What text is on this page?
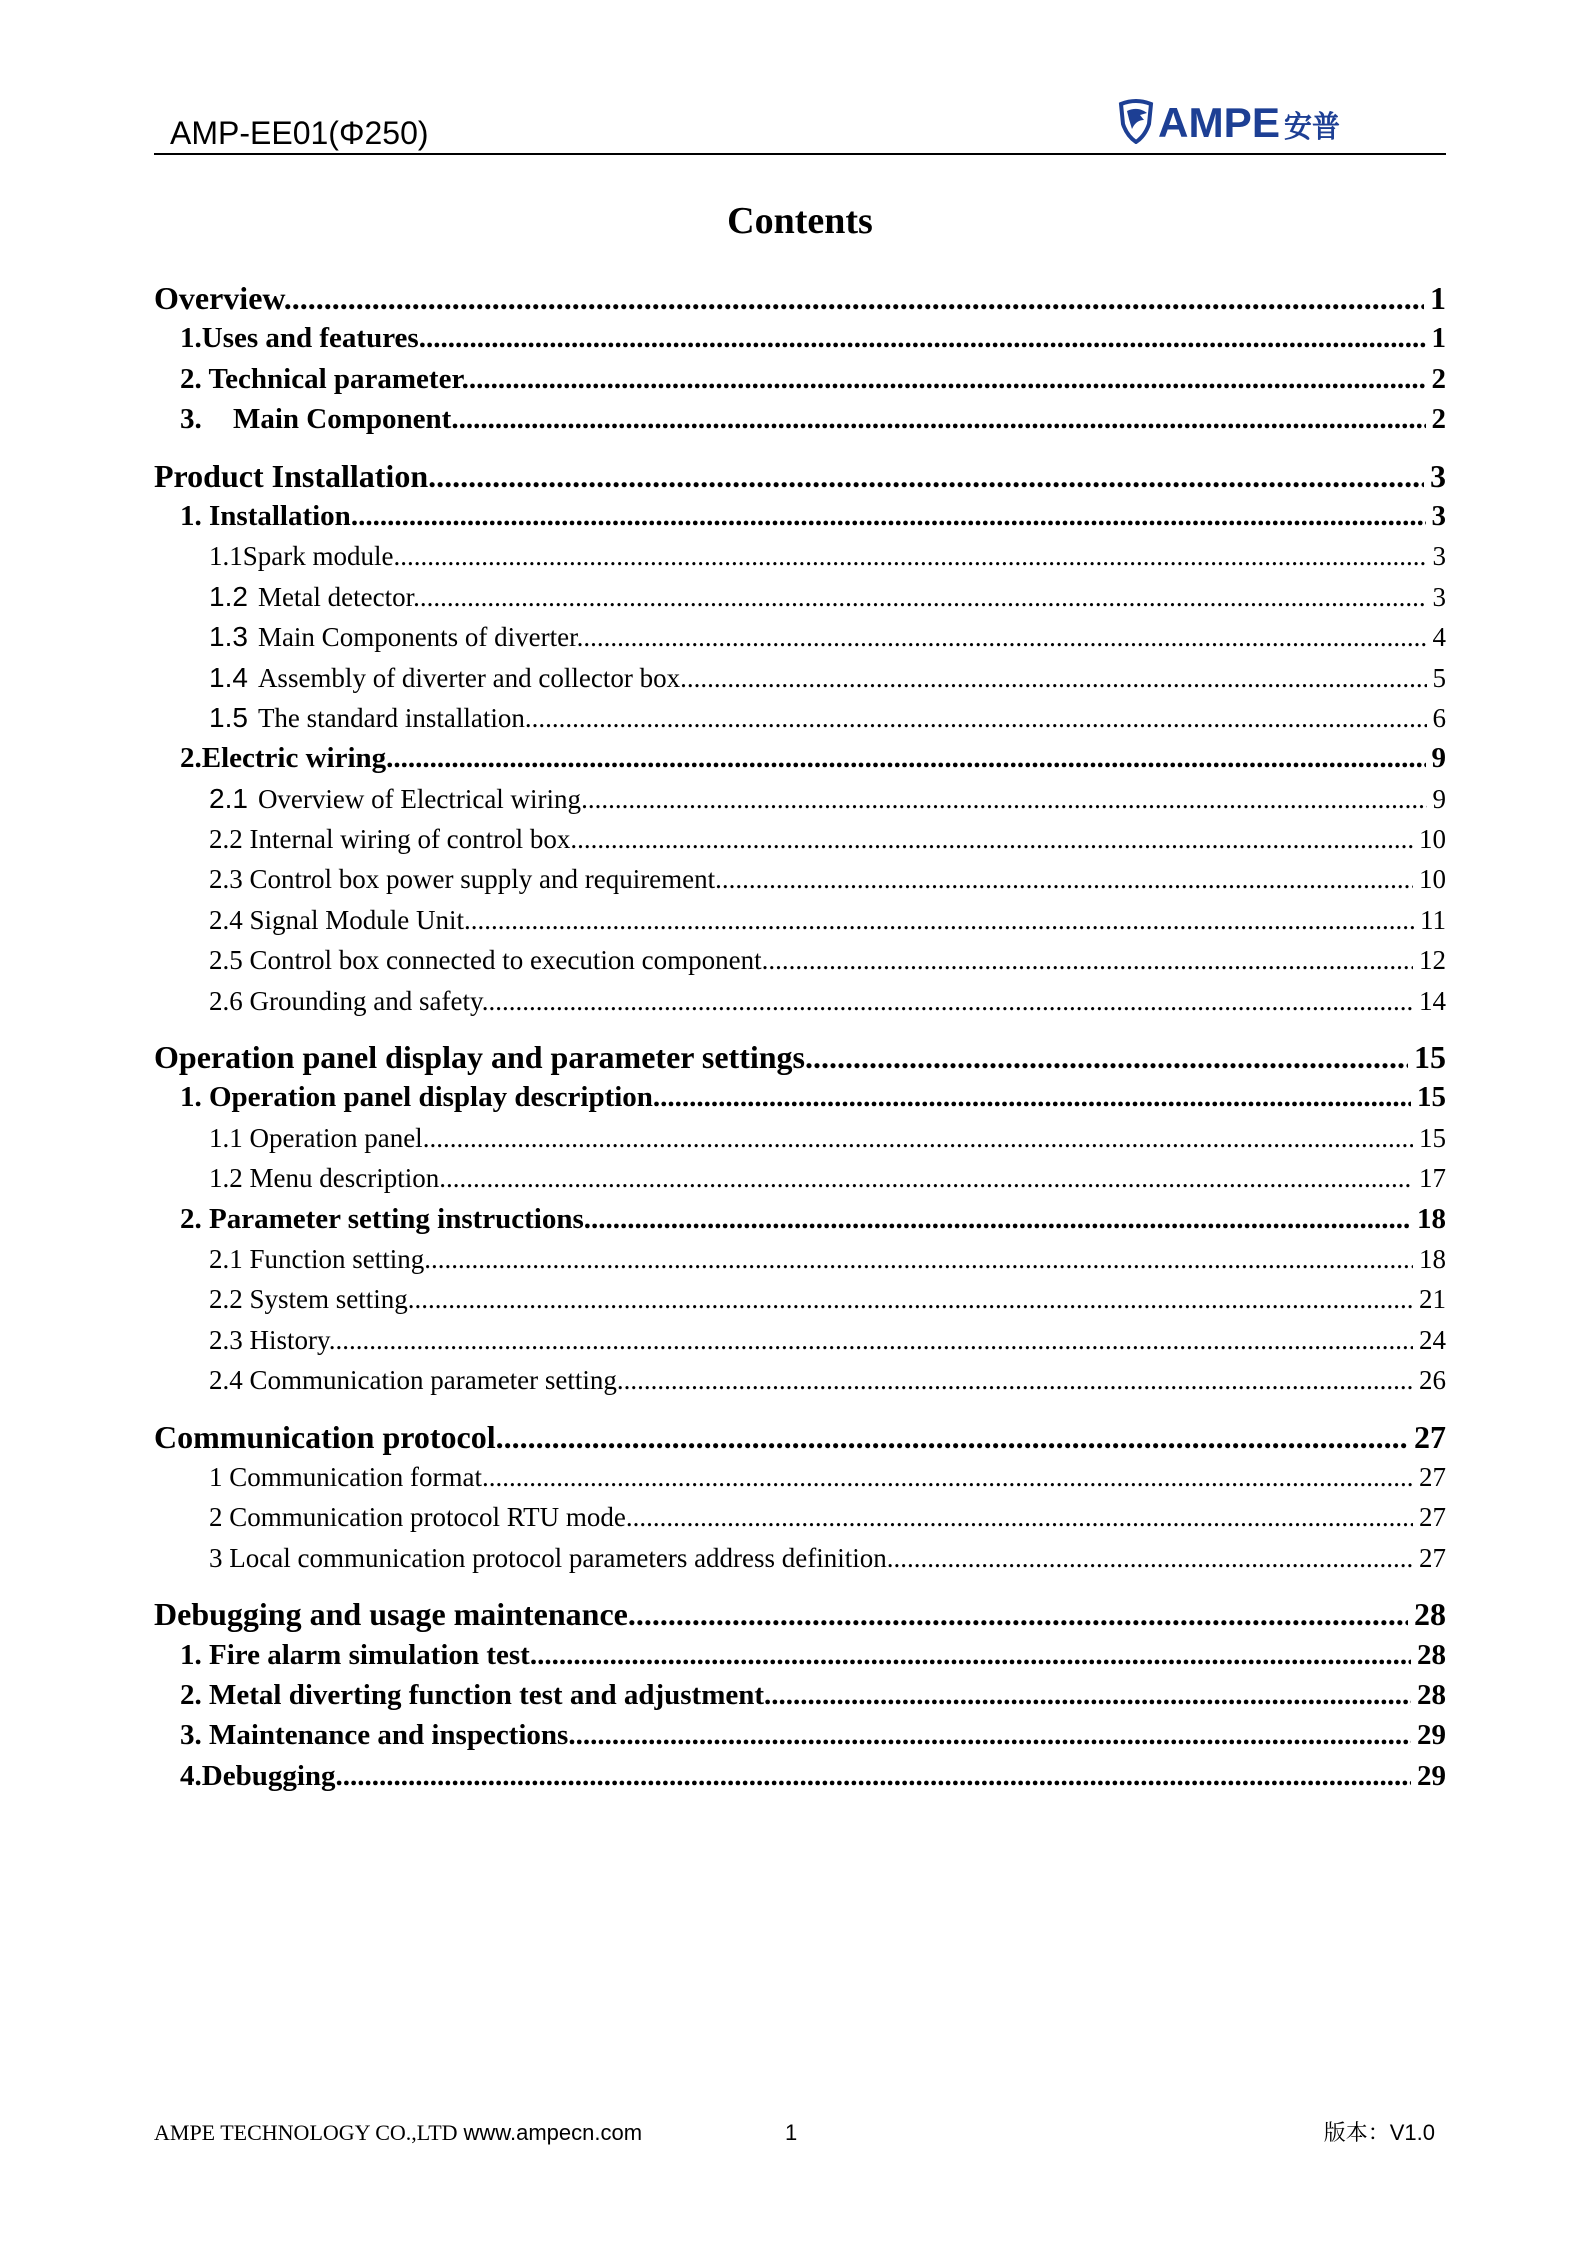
AMP-EE01(Φ250)	AMPE 安普
Contents
Overview .....	1
1.Uses and features .....	1
2. Technical parameter .....	2
3. Main Component .....	2
Product Installation .....	3
1. Installation .....	3
1.1Spark module .....	3
1.2 Metal detector .....	3
1.3 Main Components of diverter .....	4
1.4 Assembly of diverter and collector box .....	5
1.5 The standard installation .....	6
2.Electric wiring .....	9
2.1 Overview of Electrical wiring .....	9
2.2 Internal wiring of control box .....	10
2.3 Control box power supply and requirement .....	10
2.4 Signal Module Unit .....	11
2.5 Control box connected to execution component .....	12
2.6 Grounding and safety .....	14
Operation panel display and parameter settings .....	15
1. Operation panel display description .....	15
1.1 Operation panel .....	15
1.2 Menu description .....	17
2. Parameter setting instructions .....	18
2.1 Function setting .....	18
2.2 System setting .....	21
2.3 History .....	24
2.4 Communication parameter setting .....	26
Communication protocol .....	27
1 Communication format .....	27
2 Communication protocol RTU mode .....	27
3 Local communication protocol parameters address definition .....	27
Debugging and usage maintenance .....	28
1. Fire alarm simulation test .....	28
2. Metal diverting function test and adjustment .....	28
3. Maintenance and inspections .....	29
4.Debugging .....	29
AMPE TECHNOLOGY CO.,LTD www.ampecn.com	1	版本：V1.0
